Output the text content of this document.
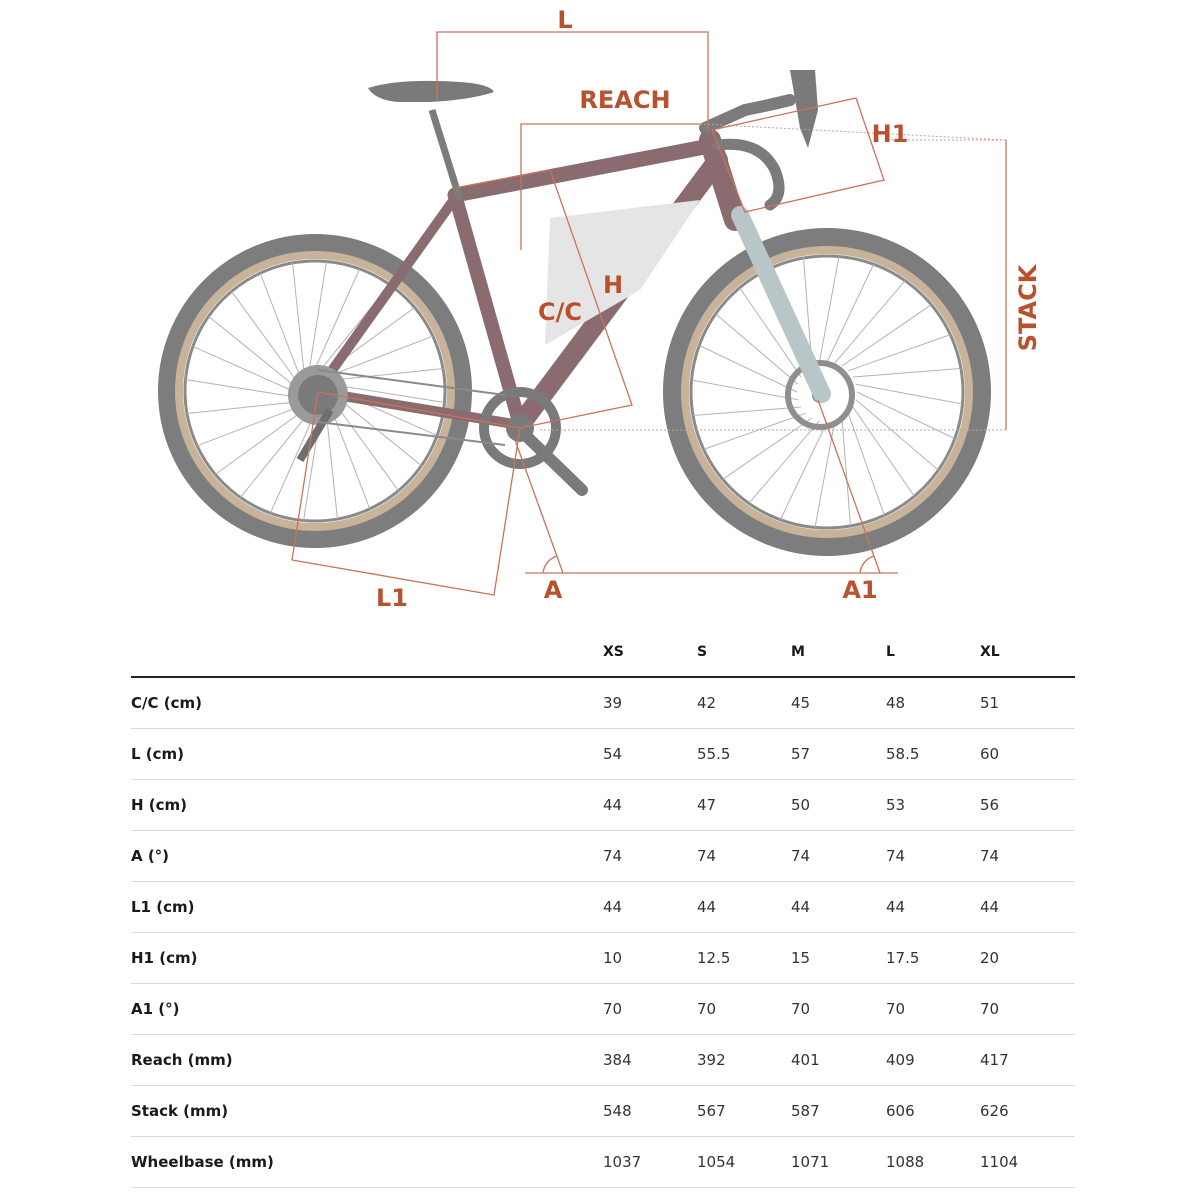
L
REACH
H1
STACK
C/C
H
L1	A	A1
	XS	S	M	L	XL
C/C (cm)	39	42	45	48	51
L (cm)	54	55.5	57	58.5	60
H (cm)	44	47	50	53	56
A (°)	74	74	74	74	74
L1 (cm)	44	44	44	44	44
H1 (cm)	10	12.5	15	17.5	20
A1 (°)	70	70	70	70	70
Reach (mm)	384	392	401	409	417
Stack (mm)	548	567	587	606	626
Wheelbase (mm)	1037	1054	1071	1088	1104
